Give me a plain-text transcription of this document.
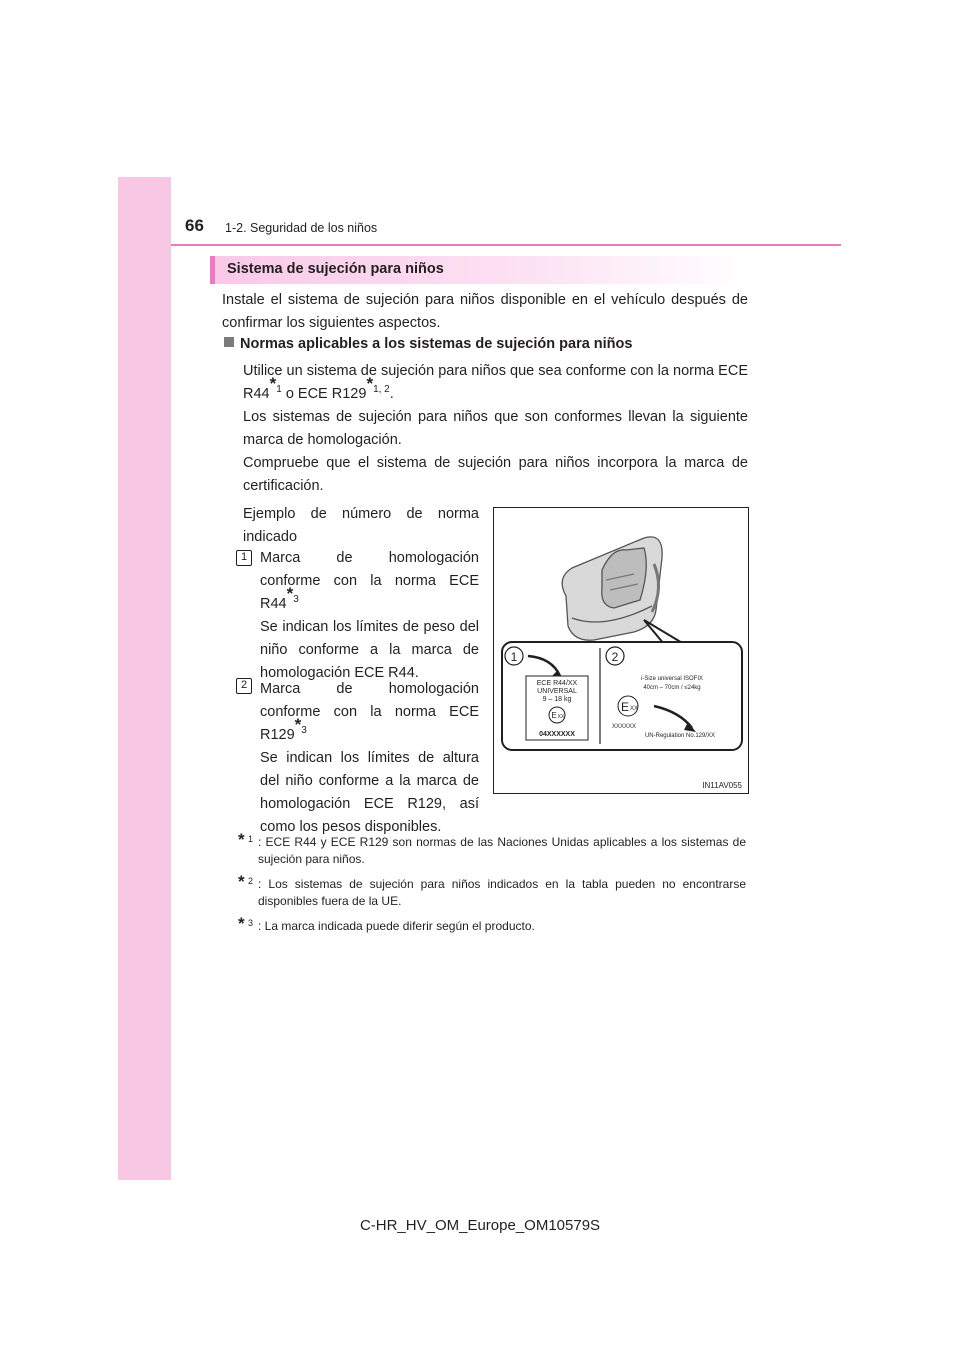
66 1-2. Seguridad de los niños
Sistema de sujeción para niños
Instale el sistema de sujeción para niños disponible en el vehículo después de confirmar los siguientes aspectos.
Normas aplicables a los sistemas de sujeción para niños
Utilice un sistema de sujeción para niños que sea conforme con la norma ECE R44$^{*1}$ o ECE R129$^{*1, 2}$.
Los sistemas de sujeción para niños que son conformes llevan la siguiente marca de homologación.
Compruebe que el sistema de sujeción para niños incorpora la marca de certificación.
Ejemplo de número de norma indicado
1 Marca de homologación
conforme con la norma ECE
R44$^{*3}$
Se indican los límites de peso del niño conforme a la marca de homologación ECE R44.
2 Marca de homologación
conforme con la norma ECE
R129$^{*3}$
Se indican los límites de altura del niño conforme a la marca de homologación ECE R129, así como los pesos disponibles.
1	2
ECE R44/XX
UNIVERSAL
9 – 18 kg
E XX
04XXXXXX
i-Size universal ISOFIX
40cm – 70cm / ≤24kg
E XX
XXXXXX
UN-Regulation No.129/XX
IN11AV055
* 1 : ECE R44 y ECE R129 son normas de las Naciones Unidas aplicables a los sistemas de sujeción para niños.
* 2 : Los sistemas de sujeción para niños indicados en la tabla pueden no encontrarse disponibles fuera de la UE.
* 3 : La marca indicada puede diferir según el producto.
C-HR_HV_OM_Europe_OM10579S
